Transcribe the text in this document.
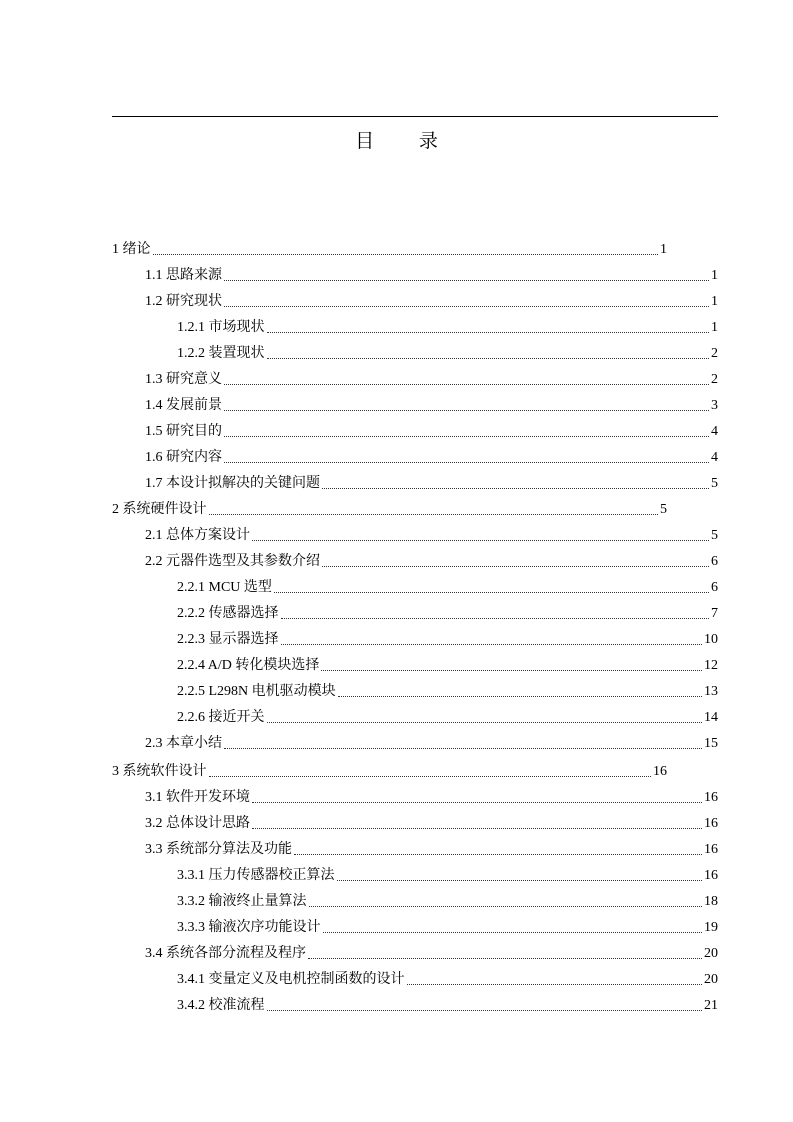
目 录
1 绪论	1
1.1 思路来源	1
1.2 研究现状	1
1.2.1 市场现状	1
1.2.2 装置现状	2
1.3 研究意义	2
1.4 发展前景	3
1.5 研究目的	4
1.6 研究内容	4
1.7 本设计拟解决的关键问题	5
2 系统硬件设计	5
2.1 总体方案设计	5
2.2 元器件选型及其参数介绍	6
2.2.1 MCU 选型	6
2.2.2 传感器选择	7
2.2.3 显示器选择	10
2.2.4 A/D 转化模块选择	12
2.2.5 L298N 电机驱动模块	13
2.2.6 接近开关	14
2.3 本章小结	15
3 系统软件设计	16
3.1 软件开发环境	16
3.2 总体设计思路	16
3.3 系统部分算法及功能	16
3.3.1 压力传感器校正算法	16
3.3.2 输液终止量算法	18
3.3.3 输液次序功能设计	19
3.4 系统各部分流程及程序	20
3.4.1 变量定义及电机控制函数的设计	20
3.4.2 校准流程	21
